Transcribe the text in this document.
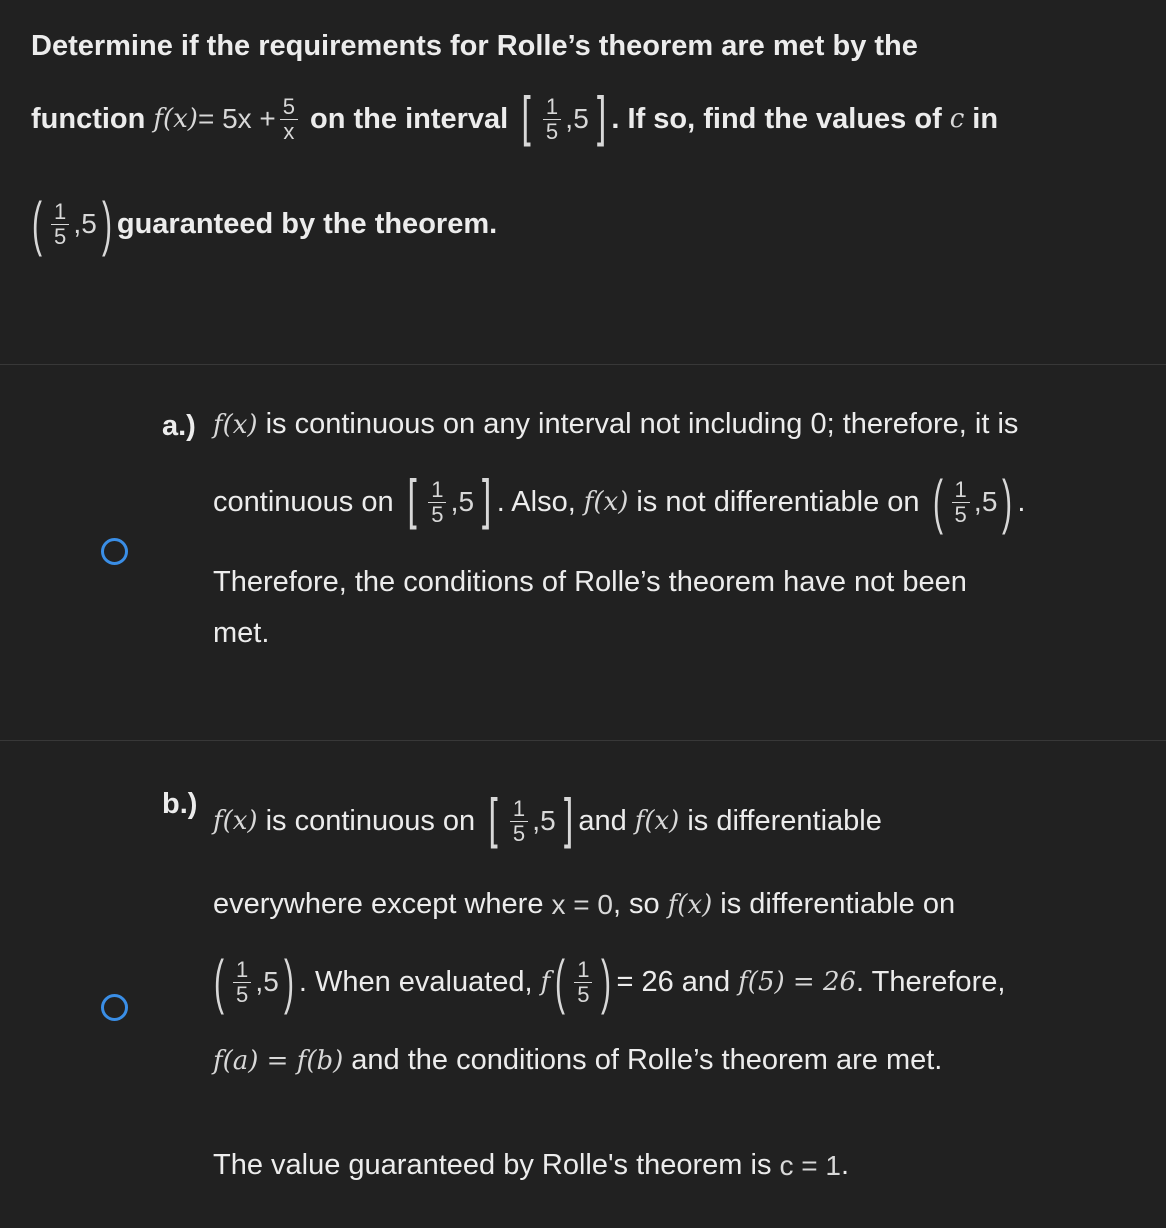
Determine if the requirements for Rolle’s theorem are met by the
function $f(x) = 5x + \frac{5}{x}$ on the interval [ $\frac{1}{5}$ , 5 ] . If so, find the values of c in
( $\frac{1}{5}$ , 5 ) guaranteed by the theorem.
a.) f(x) is continuous on any interval not including 0; therefore, it is
continuous on [ $\frac{1}{5}$ , 5 ] . Also, f(x) is not differentiable on ( $\frac{1}{5}$ , 5 ) .
Therefore, the conditions of Rolle’s theorem have not been
met.
b.)
f(x) is continuous on [ $\frac{1}{5}$ , 5 ] and f(x) is differentiable
everywhere except where x = 0 , so f(x) is differentiable on
( $\frac{1}{5}$ , 5 ) . When evaluated, f ( $\frac{1}{5}$ ) = 26 and f(5) = 26 . Therefore,
f(a) = f(b) and the conditions of Rolle’s theorem are met.
The value guaranteed by Rolle's theorem is c = 1 .
